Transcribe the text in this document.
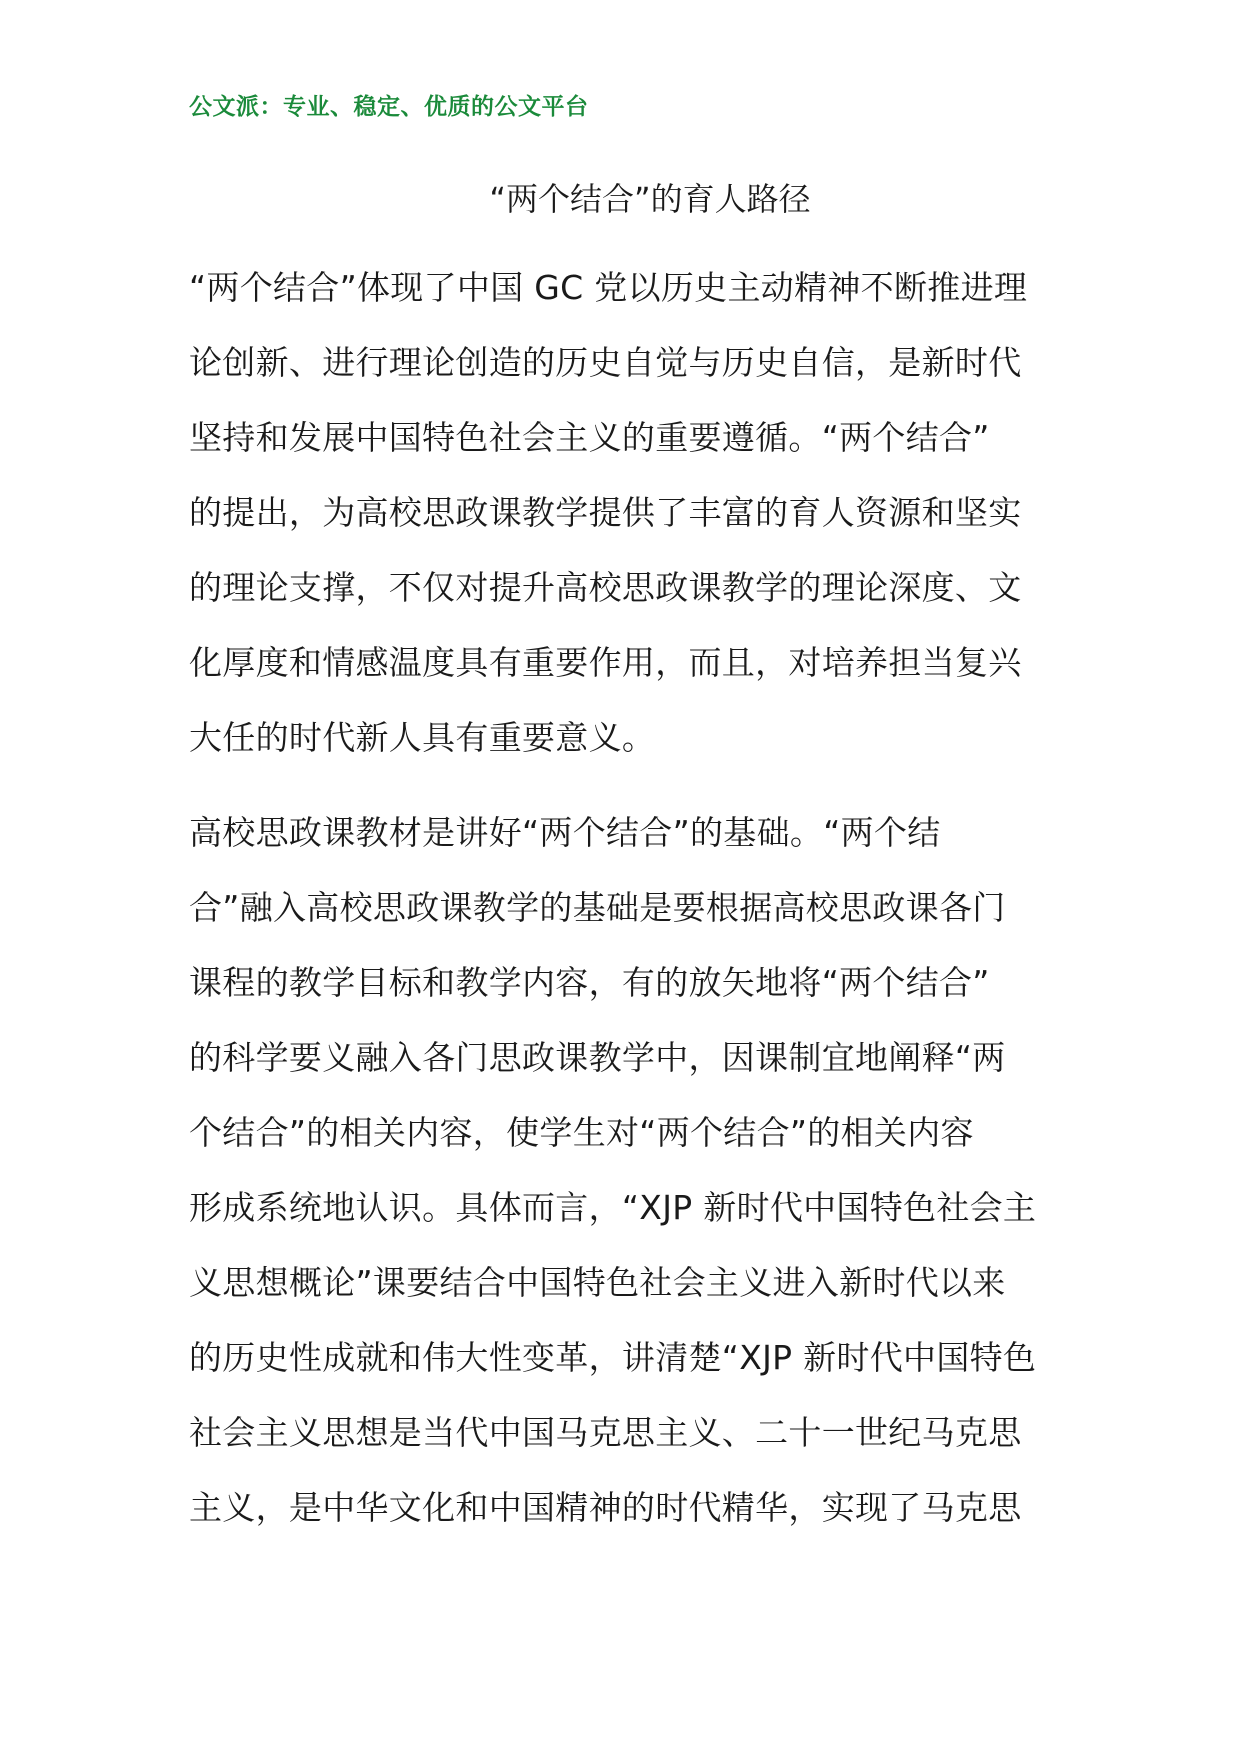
公文派：专业、稳定、优质的公文平台
“两个结合”的育人路径
“两个结合”体现了中国 GC 党以历史主动精神不断推进理
论创新、进行理论创造的历史自觉与历史自信，是新时代
坚持和发展中国特色社会主义的重要遵循。“两个结合”
的提出，为高校思政课教学提供了丰富的育人资源和坚实
的理论支撑，不仅对提升高校思政课教学的理论深度、文
化厚度和情感温度具有重要作用，而且，对培养担当复兴
大任的时代新人具有重要意义。
高校思政课教材是讲好“两个结合”的基础。“两个结
合”融入高校思政课教学的基础是要根据高校思政课各门
课程的教学目标和教学内容，有的放矢地将“两个结合”
的科学要义融入各门思政课教学中，因课制宜地阐释“两
个结合”的相关内容，使学生对“两个结合”的相关内容
形成系统地认识。具体而言，“XJP 新时代中国特色社会主
义思想概论”课要结合中国特色社会主义进入新时代以来
的历史性成就和伟大性变革，讲清楚“XJP 新时代中国特色
社会主义思想是当代中国马克思主义、二十一世纪马克思
主义，是中华文化和中国精神的时代精华，实现了马克思
